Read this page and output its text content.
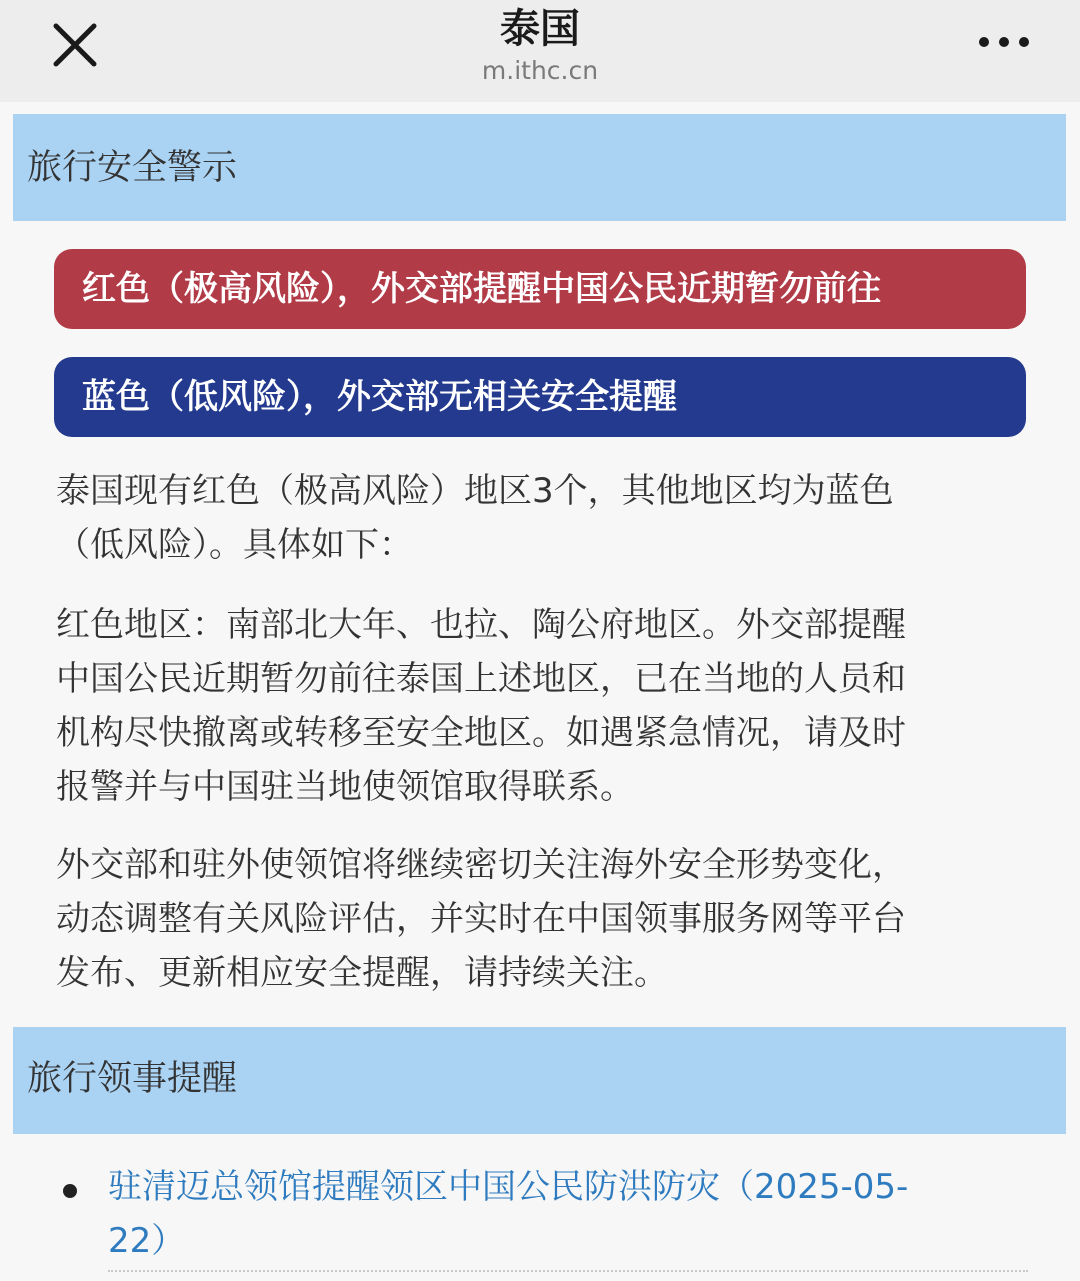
泰国
m.ithc.cn
旅行安全警示
红色（极高风险），外交部提醒中国公民近期暂勿前往
蓝色（低风险），外交部无相关安全提醒
泰国现有红色（极高风险）地区3个，其他地区均为蓝色
（低风险）。具体如下：
红色地区：南部北大年、也拉、陶公府地区。外交部提醒
中国公民近期暂勿前往泰国上述地区，已在当地的人员和
机构尽快撤离或转移至安全地区。如遇紧急情况，请及时
报警并与中国驻当地使领馆取得联系。
外交部和驻外使领馆将继续密切关注海外安全形势变化，
动态调整有关风险评估，并实时在中国领事服务网等平台
发布、更新相应安全提醒，请持续关注。
旅行领事提醒
驻清迈总领馆提醒领区中国公民防洪防灾（2025-05-
22）
